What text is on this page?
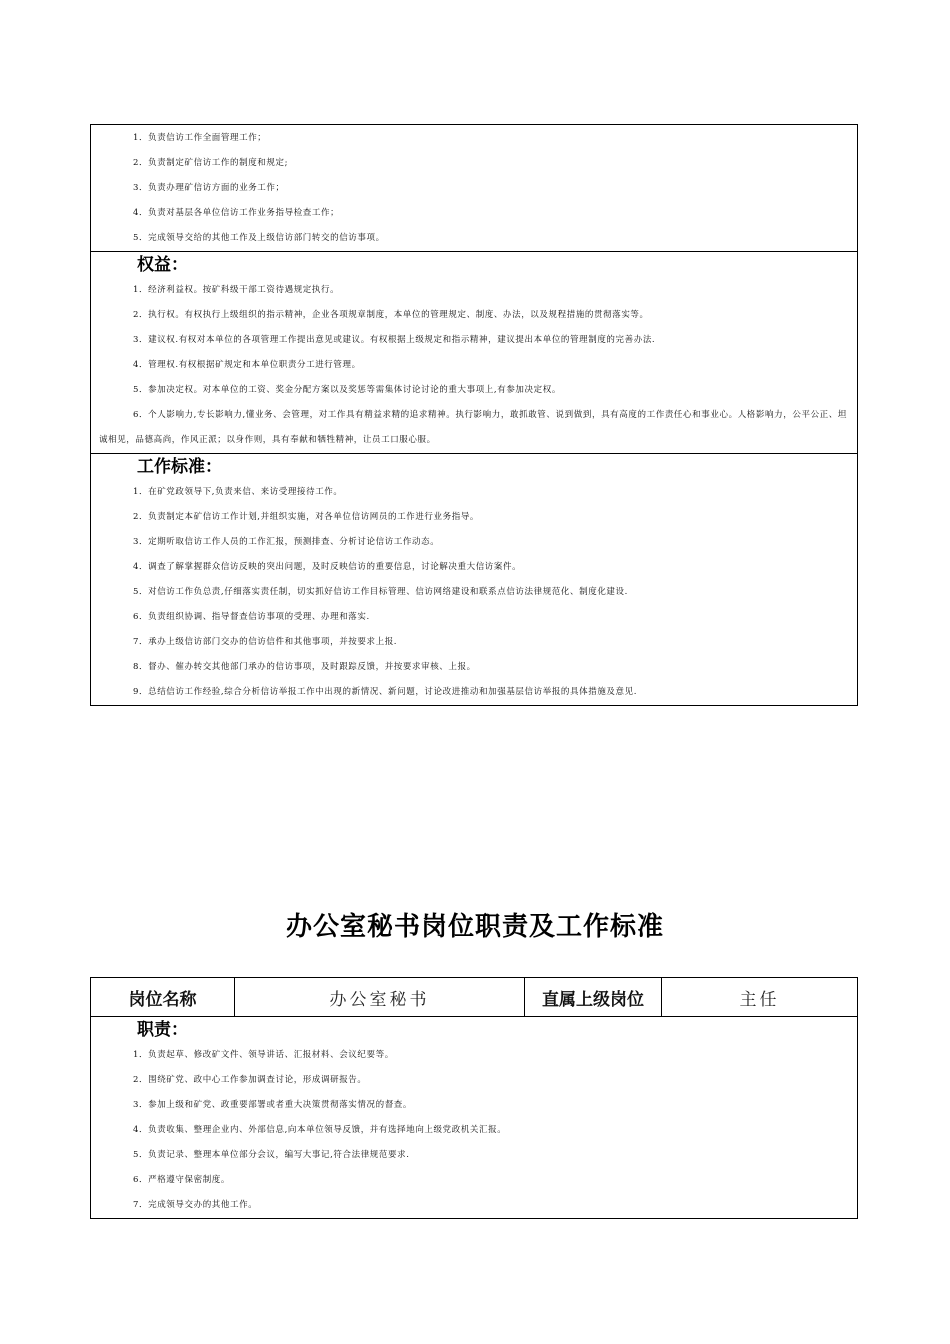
1．负责信访工作全面管理工作；
2．负责制定矿信访工作的制度和规定;
3．负责办理矿信访方面的业务工作；
4．负责对基层各单位信访工作业务指导检查工作；
5．完成领导交给的其他工作及上级信访部门转交的信访事项。
权益：
1．经济利益权。按矿科级干部工资待遇规定执行。
2．执行权。有权执行上级组织的指示精神，企业各项规章制度，本单位的管理规定、制度、办法，以及规程措施的贯彻落实等。
3．建议权.有权对本单位的各项管理工作提出意见或建议。有权根据上级规定和指示精神，建议提出本单位的管理制度的完善办法.
4．管理权.有权根据矿规定和本单位职责分工进行管理。
5．参加决定权。对本单位的工资、奖金分配方案以及奖惩等需集体讨论讨论的重大事项上,有参加决定权。
6．个人影响力,专长影响力,懂业务、会管理，对工作具有精益求精的追求精神。执行影响力，敢抓敢管、说到做到，具有高度的工作责任心和事业心。人格影响力，公平公正、坦诚相见，品德高尚，作风正派；以身作则，具有奉献和牺牲精神，让员工口服心服。
工作标准：
1．在矿党政领导下,负责来信、来访受理接待工作。
2．负责制定本矿信访工作计划,并组织实施，对各单位信访网员的工作进行业务指导。
3．定期听取信访工作人员的工作汇报，预测排查、分析讨论信访工作动态。
4．调查了解掌握群众信访反映的突出问题，及时反映信访的重要信息，讨论解决重大信访案件。
5．对信访工作负总责,仔细落实责任制，切实抓好信访工作目标管理、信访网络建设和联系点信访法律规范化、制度化建设.
6．负责组织协调、指导督查信访事项的受理、办理和落实.
7．承办上级信访部门交办的信访信件和其他事项，并按要求上报.
8．督办、催办转交其他部门承办的信访事项，及时跟踪反馈，并按要求审核、上报。
9．总结信访工作经验,综合分析信访举报工作中出现的新情况、新问题，讨论改进推动和加强基层信访举报的具体措施及意见.
办公室秘书岗位职责及工作标准
岗位名称	办公室秘书	直属上级岗位	主任
职责：
1．负责起草、修改矿文件、领导讲话、汇报材料、会议纪要等。
2．围绕矿党、政中心工作参加调查讨论，形成调研报告。
3．参加上级和矿党、政重要部署或者重大决策贯彻落实情况的督查。
4．负责收集、整理企业内、外部信息,向本单位领导反馈，并有选择地向上级党政机关汇报。
5．负责记录、整理本单位部分会议，编写大事记,符合法律规范要求.
6．严格遵守保密制度。
7．完成领导交办的其他工作。
